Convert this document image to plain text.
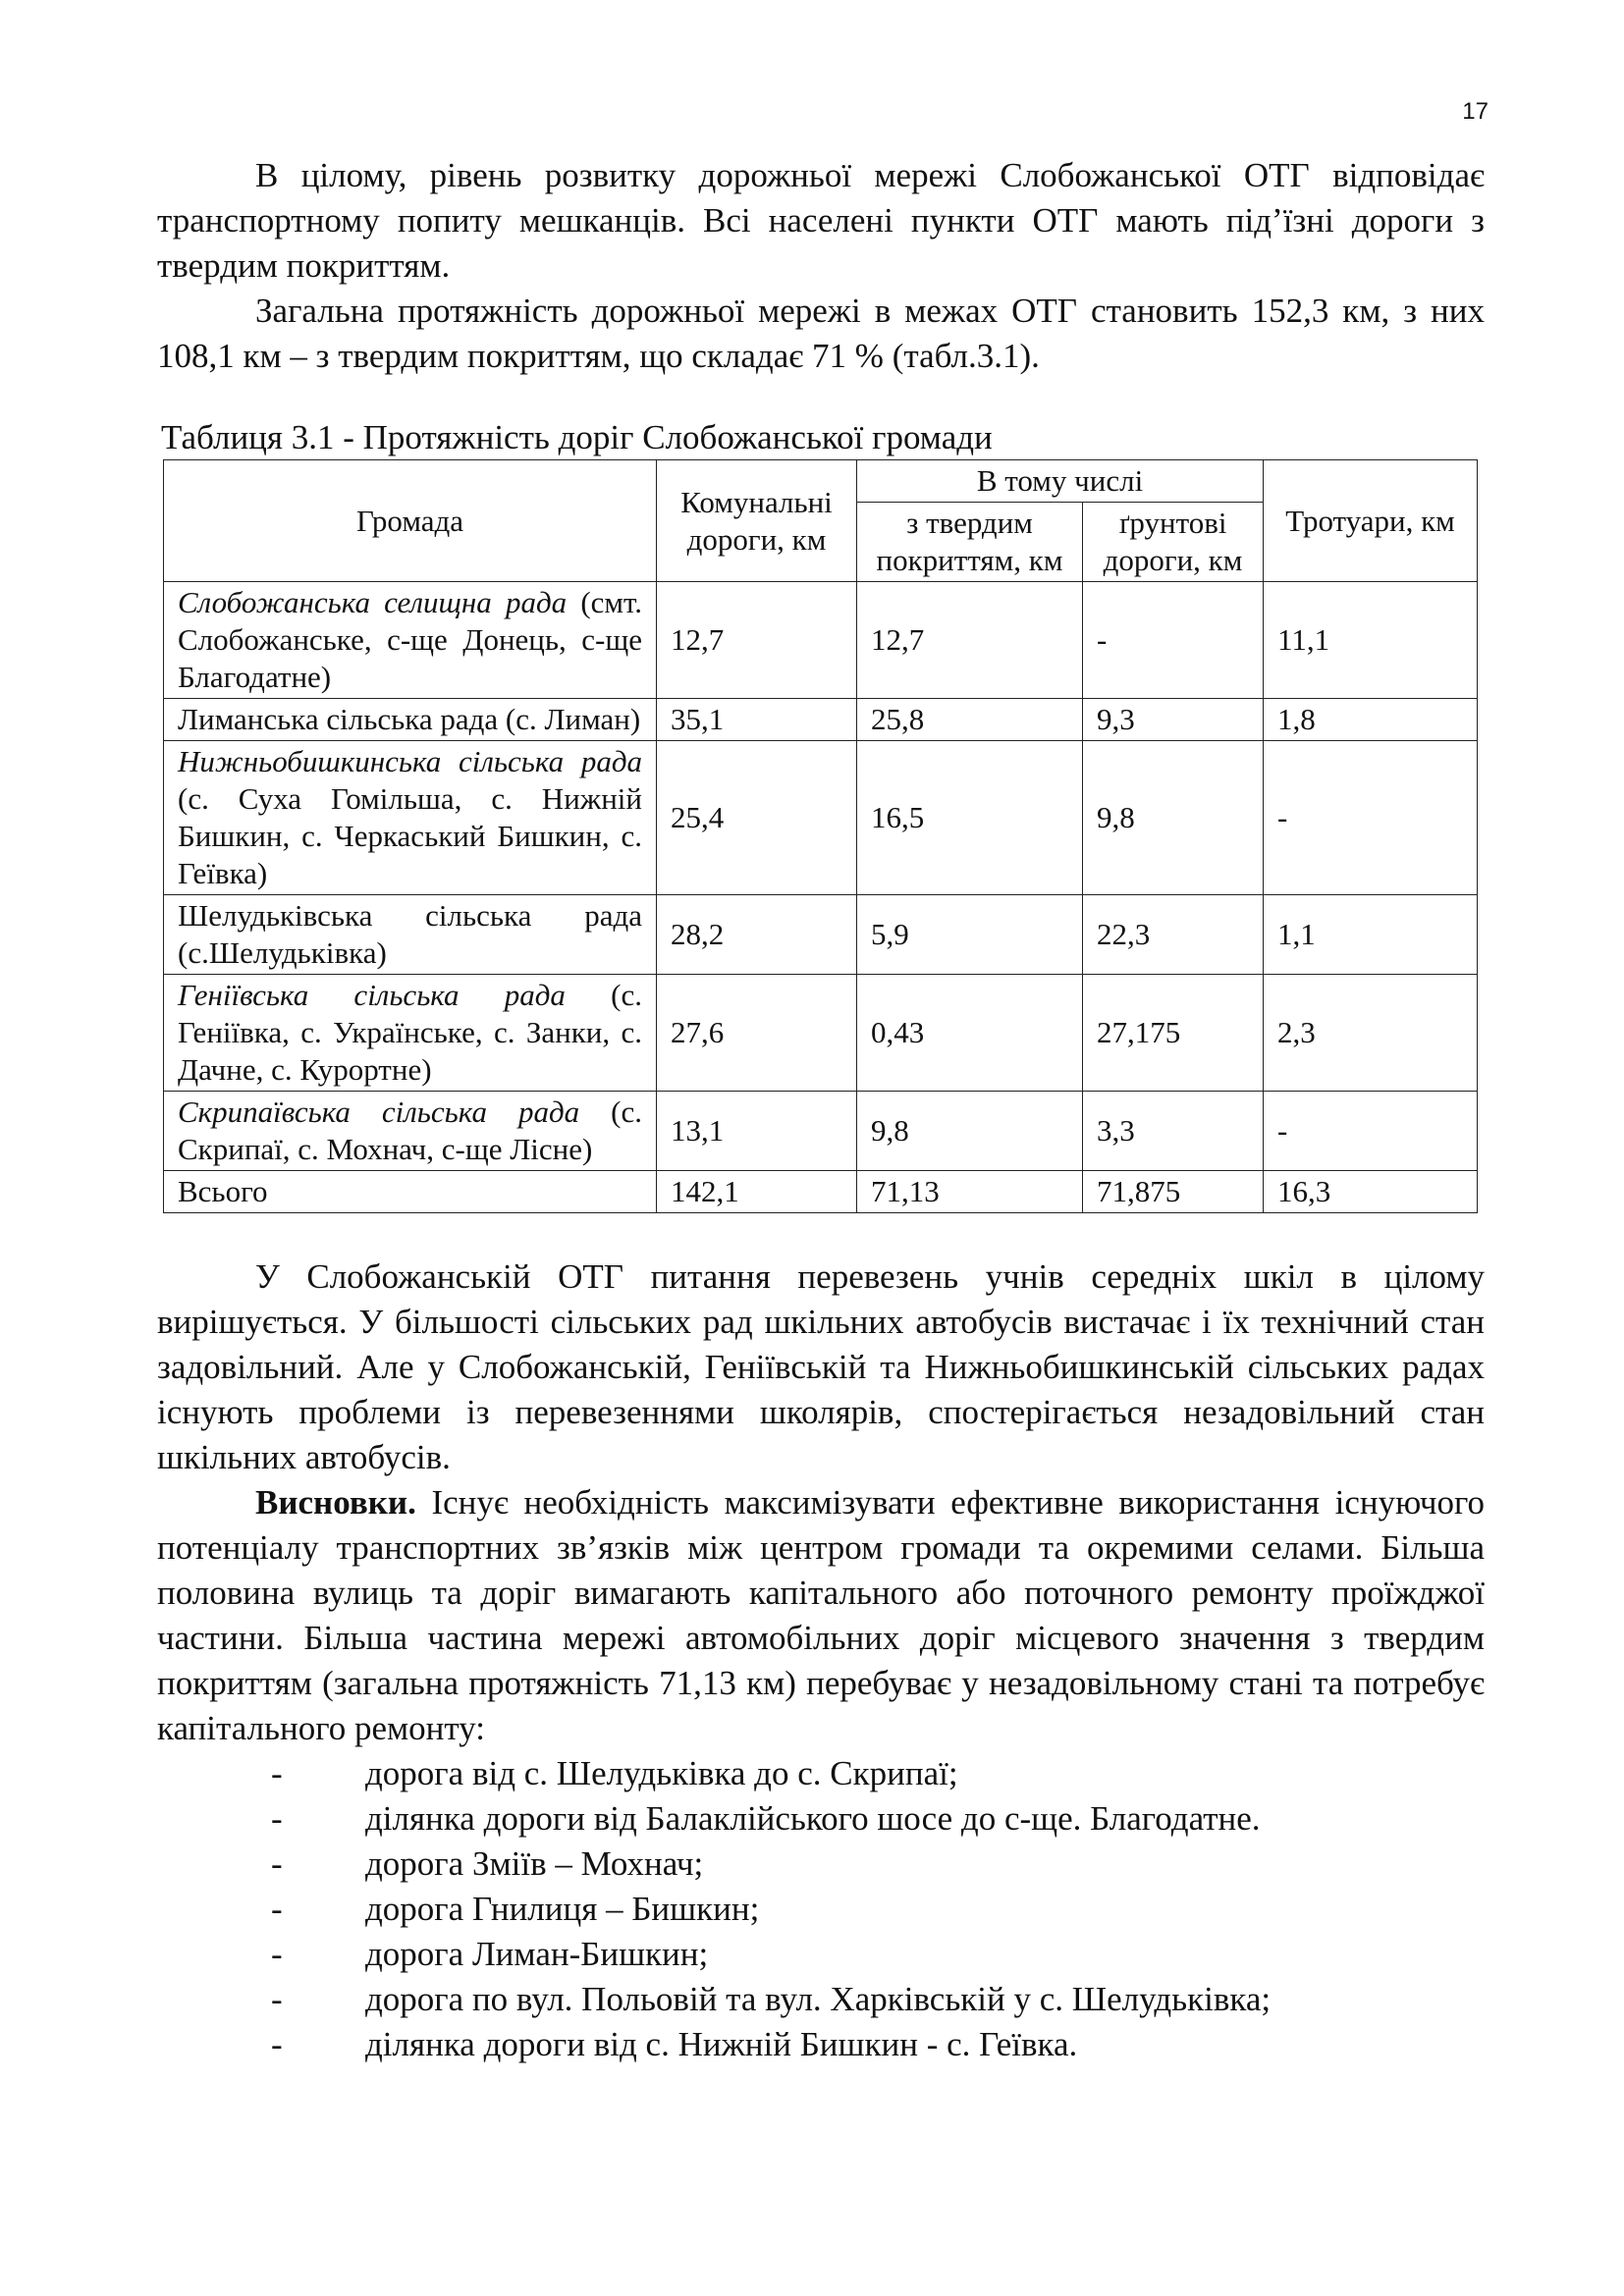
17

В цілому, рівень розвитку дорожньої мережі Слобожанської ОТГ відповідає транспортному попиту мешканців. Всі населені пункти ОТГ мають під’їзні дороги з твердим покриттям.

Загальна протяжність дорожньої мережі в межах ОТГ становить 152,3 км, з них 108,1 км – з твердим покриттям, що складає 71 % (табл.3.1).

Таблиця 3.1 - Протяжність доріг Слобожанської громади
Громада	Комунальні дороги, км	В тому числі		Тротуари, км
		з твердим покриттям, км	ґрунтові дороги, км	
Слобожанська селищна рада (смт. Слобожанське, с-ще Донець, с-ще Благодатне)	12,7	12,7	-	11,1
Лиманська сільська рада (с. Лиман)	35,1	25,8	9,3	1,8
Нижньобишкинська сільська рада (с. Суха Гомільша, с. Нижній Бишкин, с. Черкаський Бишкин, с. Геївка)	25,4	16,5	9,8	-
Шелудьківська сільська рада (с.Шелудьківка)	28,2	5,9	22,3	1,1
Геніївська сільська рада (с. Геніївка, с. Українське, с. Занки, с. Дачне, с. Курортне)	27,6	0,43	27,175	2,3
Скрипаївська сільська рада (с. Скрипаї, с. Мохнач, с-ще Лісне)	13,1	9,8	3,3	-
Всього	142,1	71,13	71,875	16,3

У Слобожанській ОТГ питання перевезень учнів середніх шкіл в цілому вирішується. У більшості сільських рад шкільних автобусів вистачає і їх технічний стан задовільний. Але у Слобожанській, Геніївській та Нижньобишкинській сільських радах існують проблеми із перевезеннями школярів, спостерігається незадовільний стан шкільних автобусів.

Висновки. Існує необхідність максимізувати ефективне використання існуючого потенціалу транспортних зв’язків між центром громади та окремими селами. Більша половина вулиць та доріг вимагають капітального або поточного ремонту проїжджої частини. Більша частина мережі автомобільних доріг місцевого значення з твердим покриттям (загальна протяжність 71,13 км) перебуває у незадовільному стані та потребує капітального ремонту:

-	дорога від с. Шелудьківка до с. Скрипаї;
-	ділянка дороги від Балаклійського шосе до с-ще. Благодатне.
-	дорога Зміїв – Мохнач;
-	дорога Гнилиця – Бишкин;
-	дорога Лиман-Бишкин;
-	дорога по вул. Польовій та вул. Харківській у с. Шелудьківка;
-	ділянка дороги від с. Нижній Бишкин - с. Геївка.
